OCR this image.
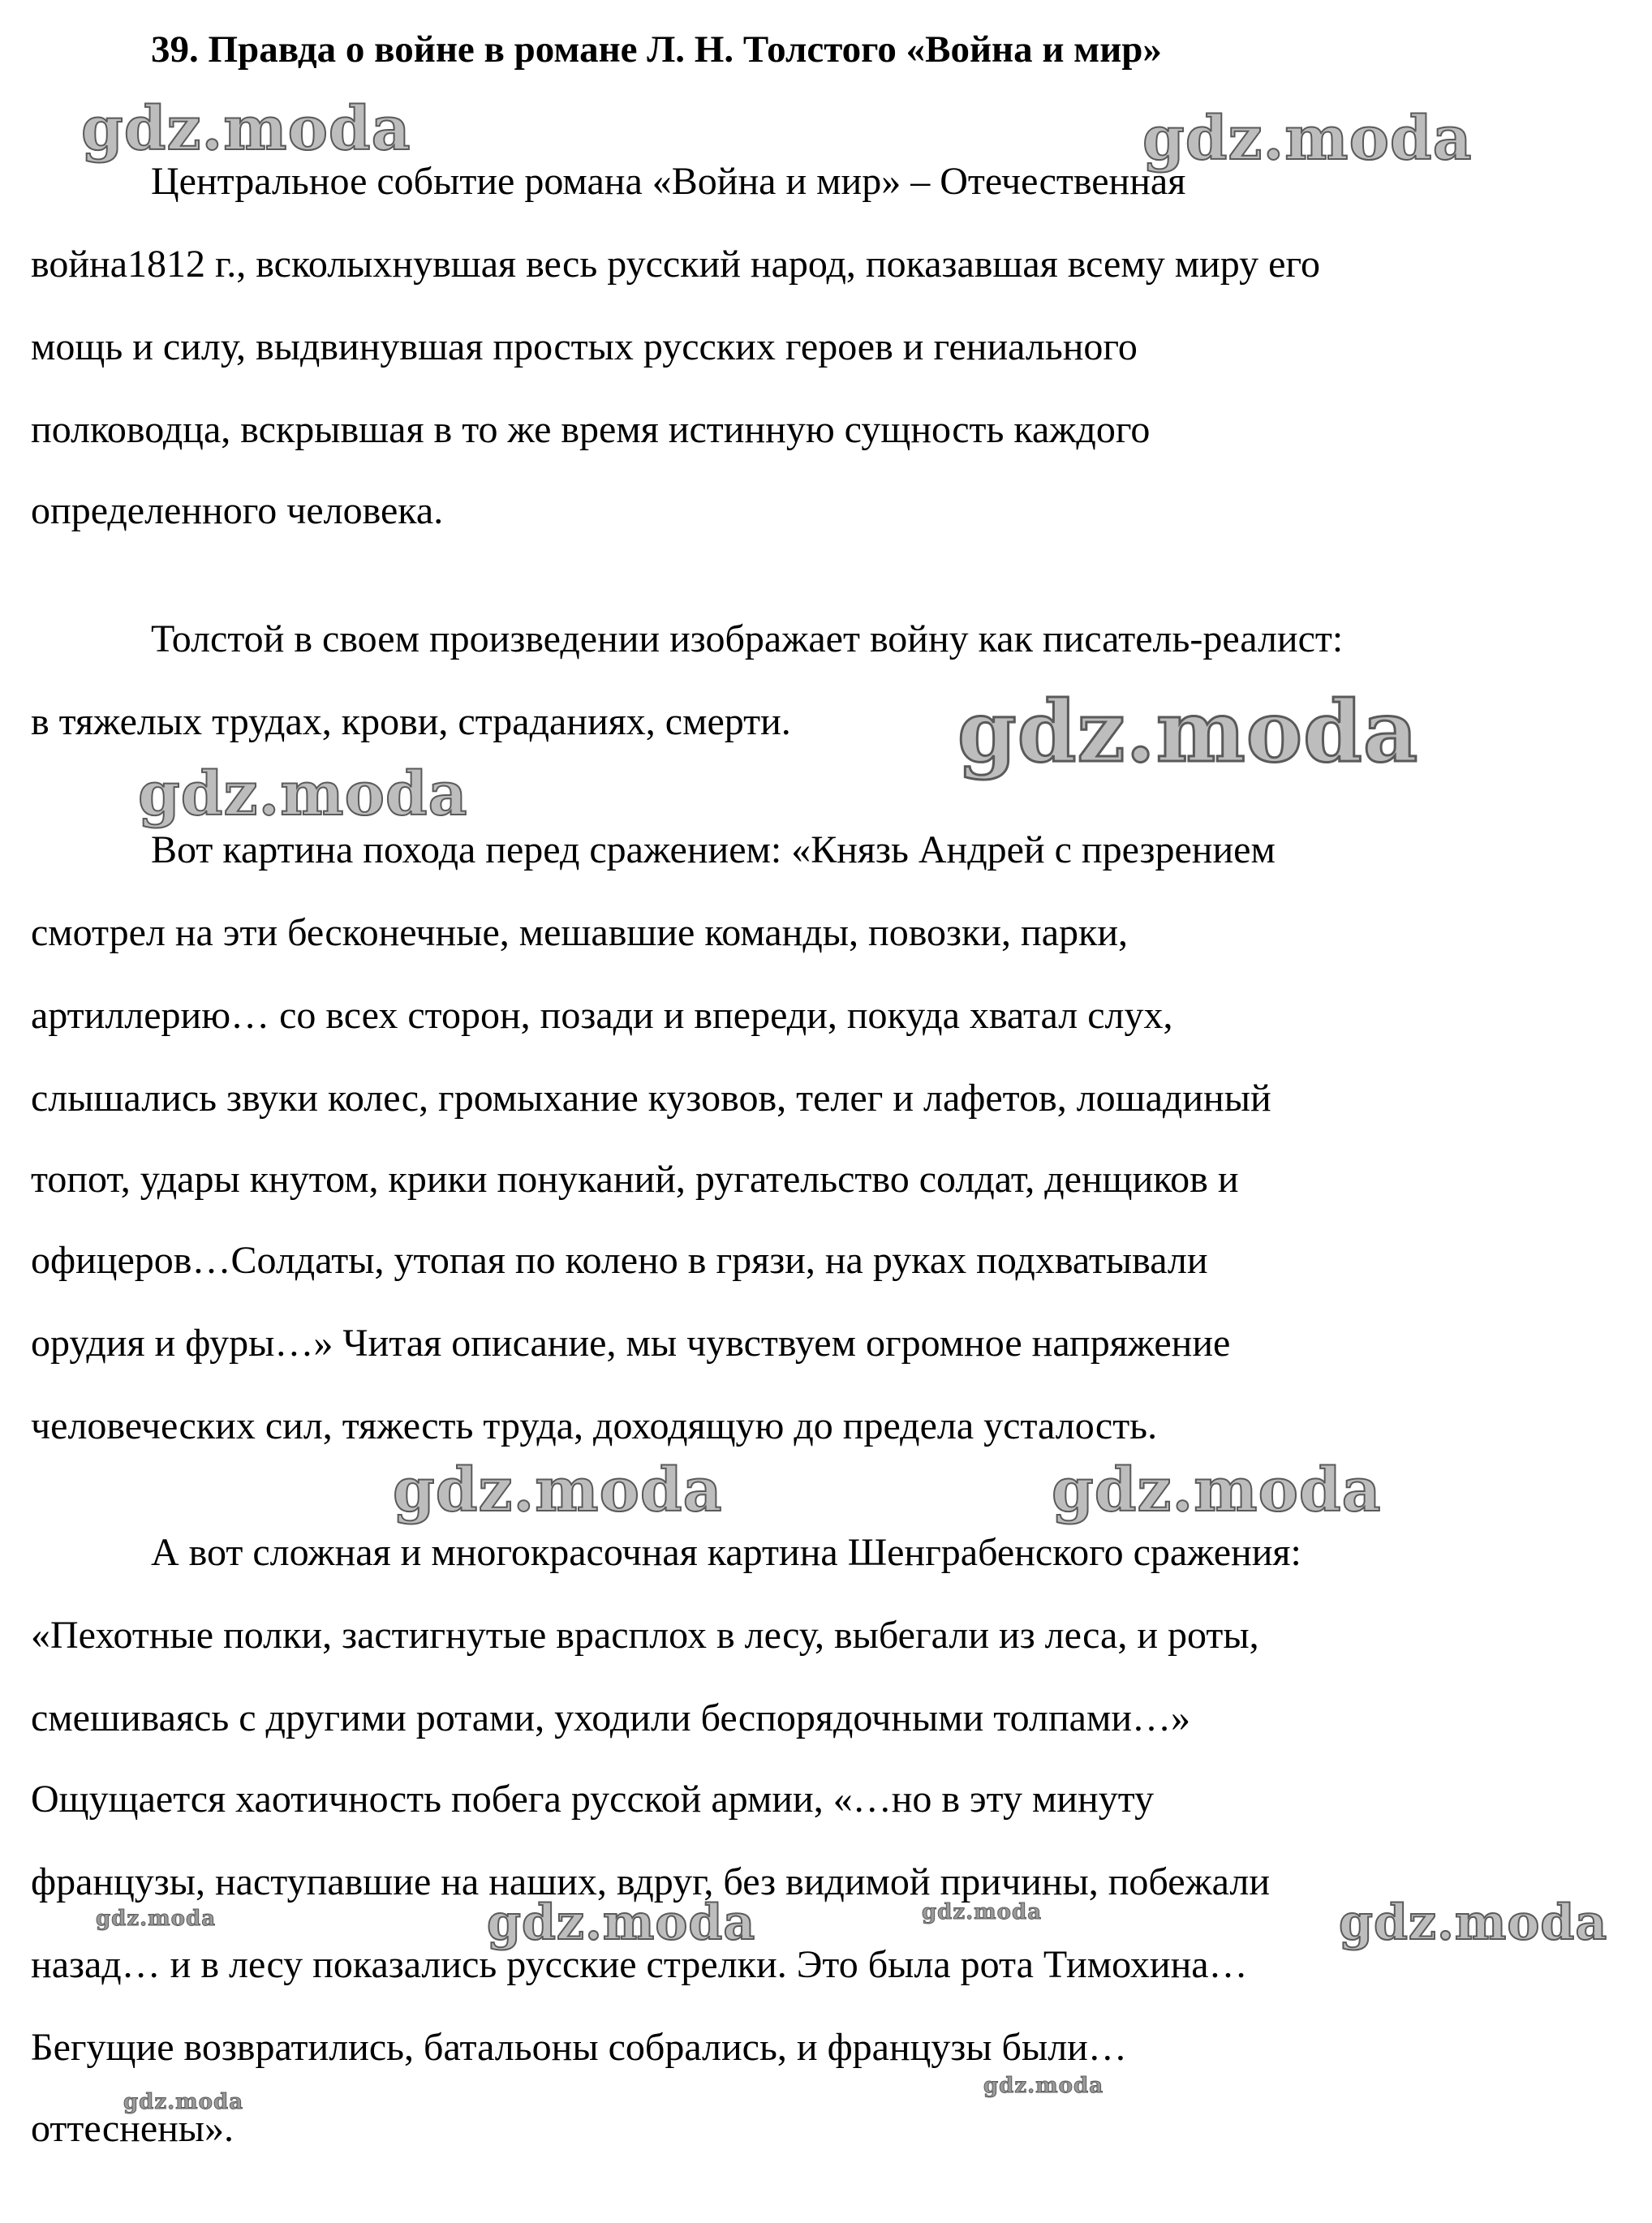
39. Правда о войне в романе Л. Н. Толстого «Война и мир»
Центральное событие романа «Война и мир» – Отечественная
война1812 г., всколыхнувшая весь русский народ, показавшая всему миру его
мощь и силу, выдвинувшая простых русских героев и гениального
полководца, вскрывшая в то же время истинную сущность каждого
определенного человека.
Толстой в своем произведении изображает войну как писатель-реалист:
в тяжелых трудах, крови, страданиях, смерти.
Вот картина похода перед сражением: «Князь Андрей с презрением
смотрел на эти бесконечные, мешавшие команды, повозки, парки,
артиллерию… со всех сторон, позади и впереди, покуда хватал слух,
слышались звуки колес, громыхание кузовов, телег и лафетов, лошадиный
топот, удары кнутом, крики понуканий, ругательство солдат, денщиков и
офицеров…Солдаты, утопая по колено в грязи, на руках подхватывали
орудия и фуры…» Читая описание, мы чувствуем огромное напряжение
человеческих сил, тяжесть труда, доходящую до предела усталость.
А вот сложная и многокрасочная картина Шенграбенского сражения:
«Пехотные полки, застигнутые врасплох в лесу, выбегали из леса, и роты,
смешиваясь с другими ротами, уходили беспорядочными толпами…»
Ощущается хаотичность побега русской армии, «…но в эту минуту
французы, наступавшие на наших, вдруг, без видимой причины, побежали
назад… и в лесу показались русские стрелки. Это была рота Тимохина…
Бегущие возвратились, батальоны собрались, и французы были…
оттеснены».
gdz.moda	gdz.moda
gdz.moda
gdz.moda
gdz.moda	gdz.moda
gdz.moda	gdz.moda	gdz.moda	gdz.moda
gdz.moda
gdz.moda
